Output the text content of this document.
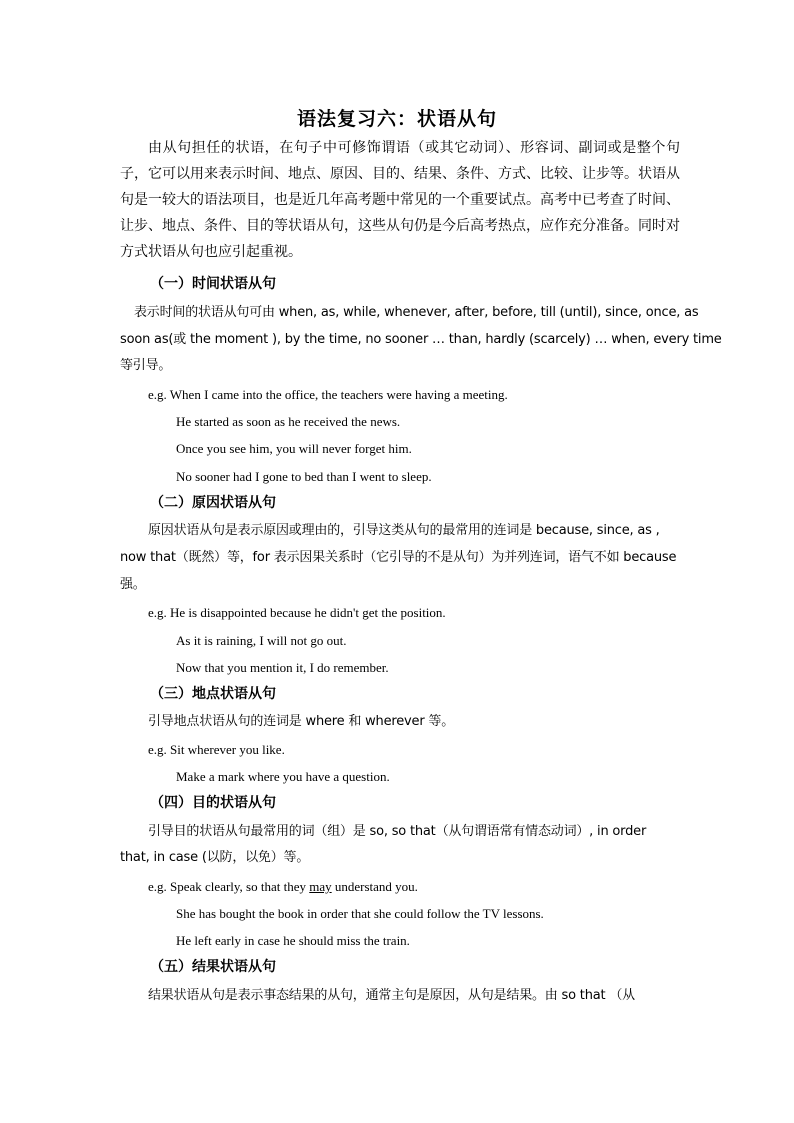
语法复习六：状语从句
由从句担任的状语，在句子中可修饰谓语（或其它动词）、形容词、副词或是整个句子，它可以用来表示时间、地点、原因、目的、结果、条件、方式、比较、让步等。状语从句是一较大的语法项目，也是近几年高考题中常见的一个重要试点。高考中已考查了时间、让步、地点、条件、目的等状语从句，这些从句仍是今后高考热点，应作充分准备。同时对方式状语从句也应引起重视。
（一）时间状语从句
表示时间的状语从句可由 when, as, while, whenever, after, before, till (until), since, once, as
soon as(或 the moment ), by the time, no sooner … than, hardly (scarcely) … when, every time
等引导。
e.g. When I came into the office, the teachers were having a meeting.
He started as soon as he received the news.
Once you see him, you will never forget him.
No sooner had I gone to bed than I went to sleep.
（二）原因状语从句
原因状语从句是表示原因或理由的，引导这类从句的最常用的连词是 because, since, as ,
now that（既然）等，for 表示因果关系时（它引导的不是从句）为并列连词，语气不如 because
强。
e.g. He is disappointed because he didn't get the position.
As it is raining, I will not go out.
Now that you mention it, I do remember.
（三）地点状语从句
引导地点状语从句的连词是 where 和 wherever 等。
e.g. Sit wherever you like.
Make a mark where you have a question.
（四）目的状语从句
引导目的状语从句最常用的词（组）是 so, so that（从句谓语常有情态动词）, in order
that, in case (以防，以免）等。
e.g. Speak clearly, so that they may understand you.
She has bought the book in order that she could follow the TV lessons.
He left early in case he should miss the train.
（五）结果状语从句
结果状语从句是表示事态结果的从句，通常主句是原因，从句是结果。由 so that （从
